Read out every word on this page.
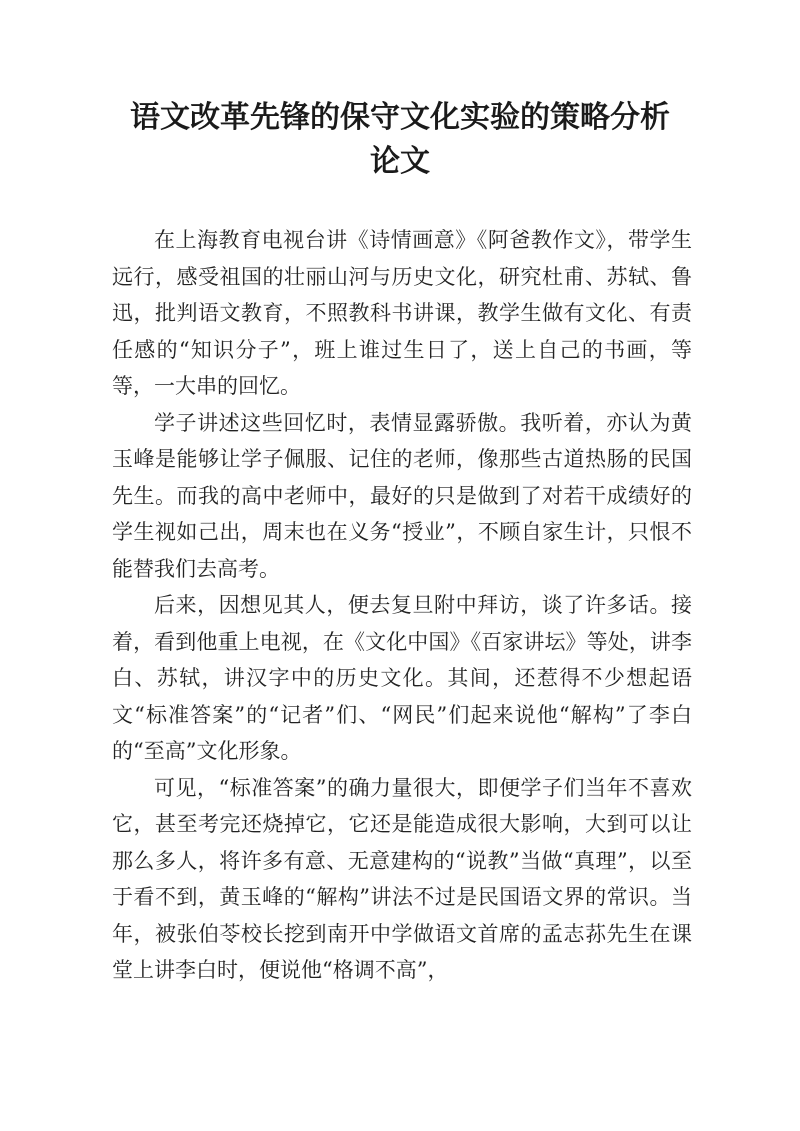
语文改革先锋的保守文化实验的策略分析
论文

在上海教育电视台讲《诗情画意》《阿爸教作文》，带学生远行，感受祖国的壮丽山河与历史文化，研究杜甫、苏轼、鲁迅，批判语文教育，不照教科书讲课，教学生做有文化、有责任感的“知识分子”，班上谁过生日了，送上自己的书画，等等，一大串的回忆。

学子讲述这些回忆时，表情显露骄傲。我听着，亦认为黄玉峰是能够让学子佩服、记住的老师，像那些古道热肠的民国先生。而我的高中老师中，最好的只是做到了对若干成绩好的学生视如己出，周末也在义务“授业”，不顾自家生计，只恨不能替我们去高考。

后来，因想见其人，便去复旦附中拜访，谈了许多话。接着，看到他重上电视，在《文化中国》《百家讲坛》等处，讲李白、苏轼，讲汉字中的历史文化。其间，还惹得不少想起语文“标准答案”的“记者”们、“网民”们起来说他“解构”了李白的“至高”文化形象。

可见，“标准答案”的确力量很大，即便学子们当年不喜欢它，甚至考完还烧掉它，它还是能造成很大影响，大到可以让那么多人，将许多有意、无意建构的“说教”当做“真理”，以至于看不到，黄玉峰的“解构”讲法不过是民国语文界的常识。当年，被张伯苓校长挖到南开中学做语文首席的孟志荪先生在课堂上讲李白时，便说他“格调不高”，
